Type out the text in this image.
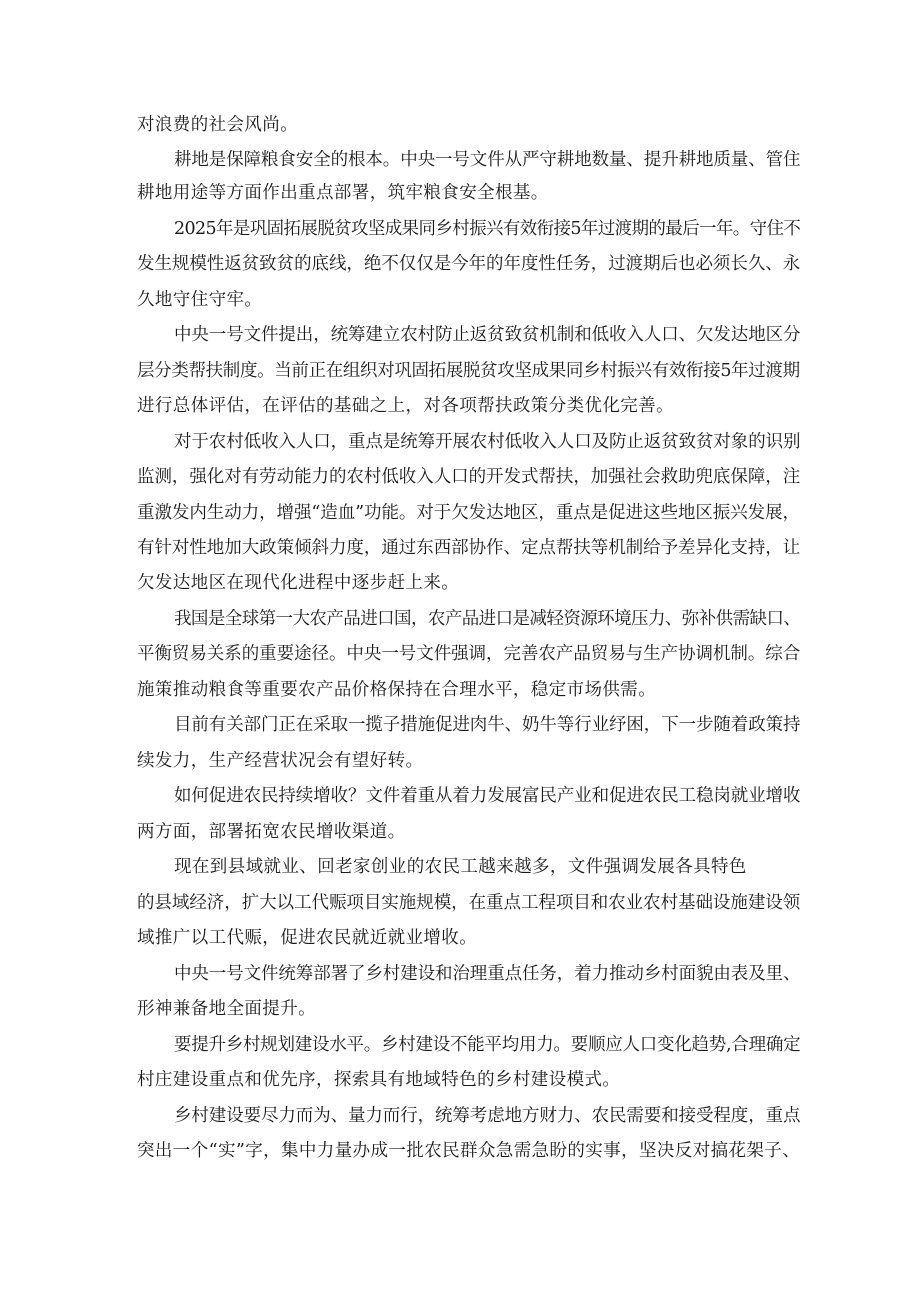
对浪费的社会风尚。
耕地是保障粮食安全的根本。中央一号文件从严守耕地数量、提升耕地质量、管住
耕地用途等方面作出重点部署，筑牢粮食安全根基。
2025年是巩固拓展脱贫攻坚成果同乡村振兴有效衔接5年过渡期的最后一年。守住不
发生规模性返贫致贫的底线，绝不仅仅是今年的年度性任务，过渡期后也必须长久、永
久地守住守牢。
中央一号文件提出，统筹建立农村防止返贫致贫机制和低收入人口、欠发达地区分
层分类帮扶制度。当前正在组织对巩固拓展脱贫攻坚成果同乡村振兴有效衔接5年过渡期
进行总体评估，在评估的基础之上，对各项帮扶政策分类优化完善。
对于农村低收入人口，重点是统筹开展农村低收入人口及防止返贫致贫对象的识别
监测，强化对有劳动能力的农村低收入人口的开发式帮扶，加强社会救助兜底保障，注
重激发内生动力，增强“造血”功能。对于欠发达地区，重点是促进这些地区振兴发展，
有针对性地加大政策倾斜力度，通过东西部协作、定点帮扶等机制给予差异化支持，让
欠发达地区在现代化进程中逐步赶上来。
我国是全球第一大农产品进口国，农产品进口是减轻资源环境压力、弥补供需缺口、
平衡贸易关系的重要途径。中央一号文件强调，完善农产品贸易与生产协调机制。综合
施策推动粮食等重要农产品价格保持在合理水平，稳定市场供需。
目前有关部门正在采取一揽子措施促进肉牛、奶牛等行业纾困，下一步随着政策持
续发力，生产经营状况会有望好转。
如何促进农民持续增收？文件着重从着力发展富民产业和促进农民工稳岗就业增收
两方面，部署拓宽农民增收渠道。
现在到县域就业、回老家创业的农民工越来越多，文件强调发展各具特色
的县域经济，扩大以工代赈项目实施规模，在重点工程项目和农业农村基础设施建设领
域推广以工代赈，促进农民就近就业增收。
中央一号文件统筹部署了乡村建设和治理重点任务，着力推动乡村面貌由表及里、
形神兼备地全面提升。
要提升乡村规划建设水平。乡村建设不能平均用力。要顺应人口变化趋势,合理确定
村庄建设重点和优先序，探索具有地域特色的乡村建设模式。
乡村建设要尽力而为、量力而行，统筹考虑地方财力、农民需要和接受程度，重点
突出一个“实”字，集中力量办成一批农民群众急需急盼的实事，坚决反对搞花架子、
